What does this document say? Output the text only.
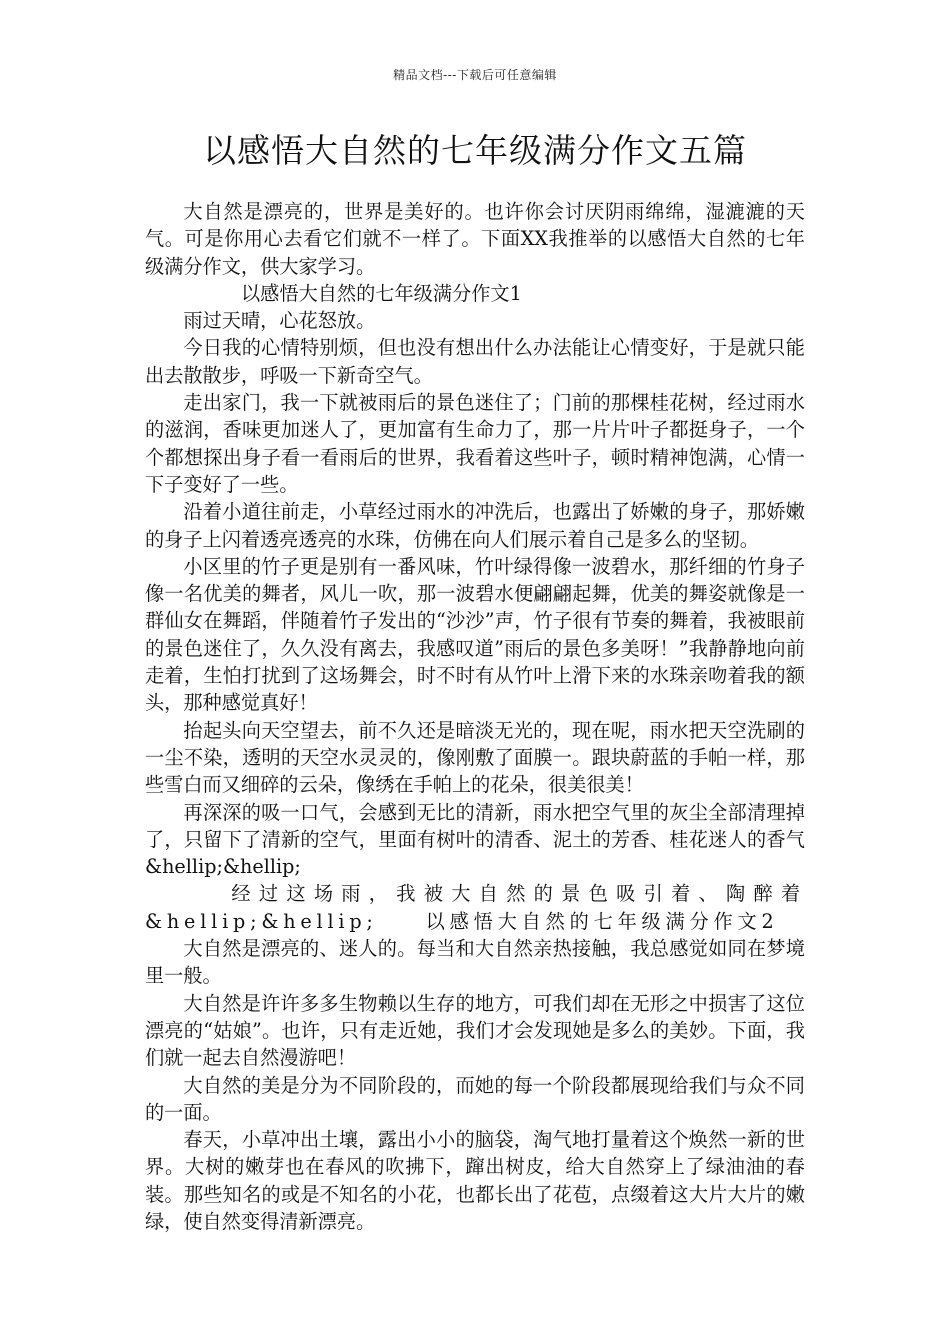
精品文档---下载后可任意编辑
以感悟大自然的七年级满分作文五篇

大自然是漂亮的，世界是美好的。也许你会讨厌阴雨绵绵，湿漉漉的天气。可是你用心去看它们就不一样了。下面XX我推举的以感悟大自然的七年级满分作文，供大家学习。

以感悟大自然的七年级满分作文1

雨过天晴，心花怒放。

今日我的心情特别烦，但也没有想出什么办法能让心情变好，于是就只能出去散散步，呼吸一下新奇空气。

走出家门，我一下就被雨后的景色迷住了；门前的那棵桂花树，经过雨水的滋润，香味更加迷人了，更加富有生命力了，那一片片叶子都挺身子，一个个都想探出身子看一看雨后的世界，我看着这些叶子，顿时精神饱满，心情一下子变好了一些。

沿着小道往前走，小草经过雨水的冲洗后，也露出了娇嫩的身子，那娇嫩的身子上闪着透亮透亮的水珠，仿佛在向人们展示着自己是多么的坚韧。

小区里的竹子更是别有一番风味，竹叶绿得像一波碧水，那纤细的竹身子像一名优美的舞者，风儿一吹，那一波碧水便翩翩起舞，优美的舞姿就像是一群仙女在舞蹈，伴随着竹子发出的“沙沙”声，竹子很有节奏的舞着，我被眼前的景色迷住了，久久没有离去，我感叹道”雨后的景色多美呀！”我静静地向前走着，生怕打扰到了这场舞会，时不时有从竹叶上滑下来的水珠亲吻着我的额头，那种感觉真好！

抬起头向天空望去，前不久还是暗淡无光的，现在呢，雨水把天空洗刷的一尘不染，透明的天空水灵灵的，像刚敷了面膜一。跟块蔚蓝的手帕一样，那些雪白而又细碎的云朵，像绣在手帕上的花朵，很美很美！

再深深的吸一口气，会感到无比的清新，雨水把空气里的灰尘全部清理掉了，只留下了清新的空气，里面有树叶的清香、泥土的芳香、桂花迷人的香气&hellip;&hellip;

经过这场雨，我被大自然的景色吸引着、陶醉着&hellip;&hellip;　　以感悟大自然的七年级满分作文2

大自然是漂亮的、迷人的。每当和大自然亲热接触，我总感觉如同在梦境里一般。

大自然是许许多多生物赖以生存的地方，可我们却在无形之中损害了这位漂亮的“姑娘”。也许，只有走近她，我们才会发现她是多么的美妙。下面，我们就一起去自然漫游吧！

大自然的美是分为不同阶段的，而她的每一个阶段都展现给我们与众不同的一面。

春天，小草冲出土壤，露出小小的脑袋，淘气地打量着这个焕然一新的世界。大树的嫩芽也在春风的吹拂下，蹿出树皮，给大自然穿上了绿油油的春装。那些知名的或是不知名的小花，也都长出了花苞，点缀着这大片大片的嫩绿，使自然变得清新漂亮。
